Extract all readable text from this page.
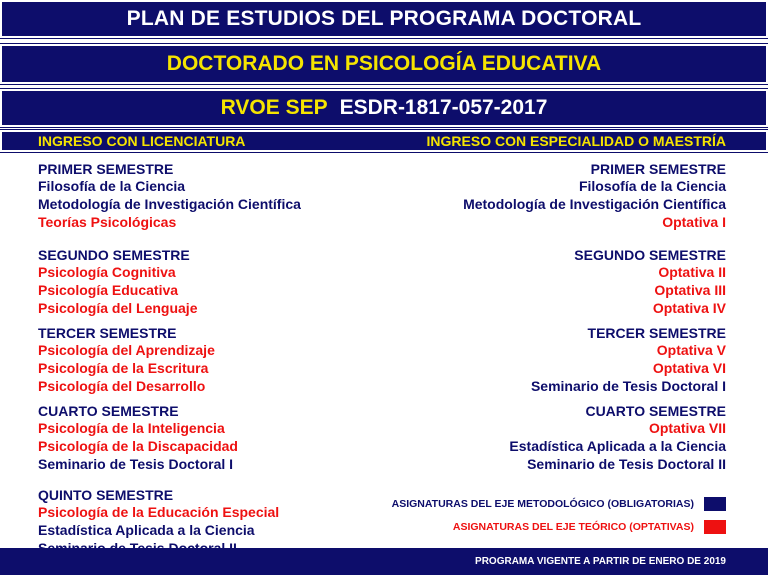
PLAN DE ESTUDIOS DEL PROGRAMA DOCTORAL
DOCTORADO EN PSICOLOGÍA EDUCATIVA
RVOE SEP ESDR-1817-057-2017
INGRESO CON LICENCIATURA	INGRESO CON ESPECIALIDAD O MAESTRÍA
PRIMER SEMESTRE
Filosofía de la Ciencia
Metodología de Investigación Científica
Teorías Psicológicas
SEGUNDO SEMESTRE
Psicología Cognitiva
Psicología Educativa
Psicología del Lenguaje
TERCER SEMESTRE
Psicología del Aprendizaje
Psicología de la Escritura
Psicología del Desarrollo
CUARTO SEMESTRE
Psicología de la Inteligencia
Psicología de la Discapacidad
Seminario de Tesis Doctoral I
QUINTO SEMESTRE
Psicología de la Educación Especial
Estadística Aplicada a la Ciencia
PRIMER SEMESTRE
Filosofía de la Ciencia
Metodología de Investigación Científica
Optativa I
SEGUNDO SEMESTRE
Optativa II
Optativa III
Optativa IV
TERCER SEMESTRE
Optativa V
Optativa VI
Seminario de Tesis Doctoral I
CUARTO SEMESTRE
Optativa VII
Estadística Aplicada a la Ciencia
Seminario de Tesis Doctoral II
ASIGNATURAS DEL EJE METODOLÓGICO (OBLIGATORIAS)
ASIGNATURAS DEL EJE TEÓRICO (OPTATIVAS)
PROGRAMA VIGENTE A PARTIR DE ENERO DE 2019
